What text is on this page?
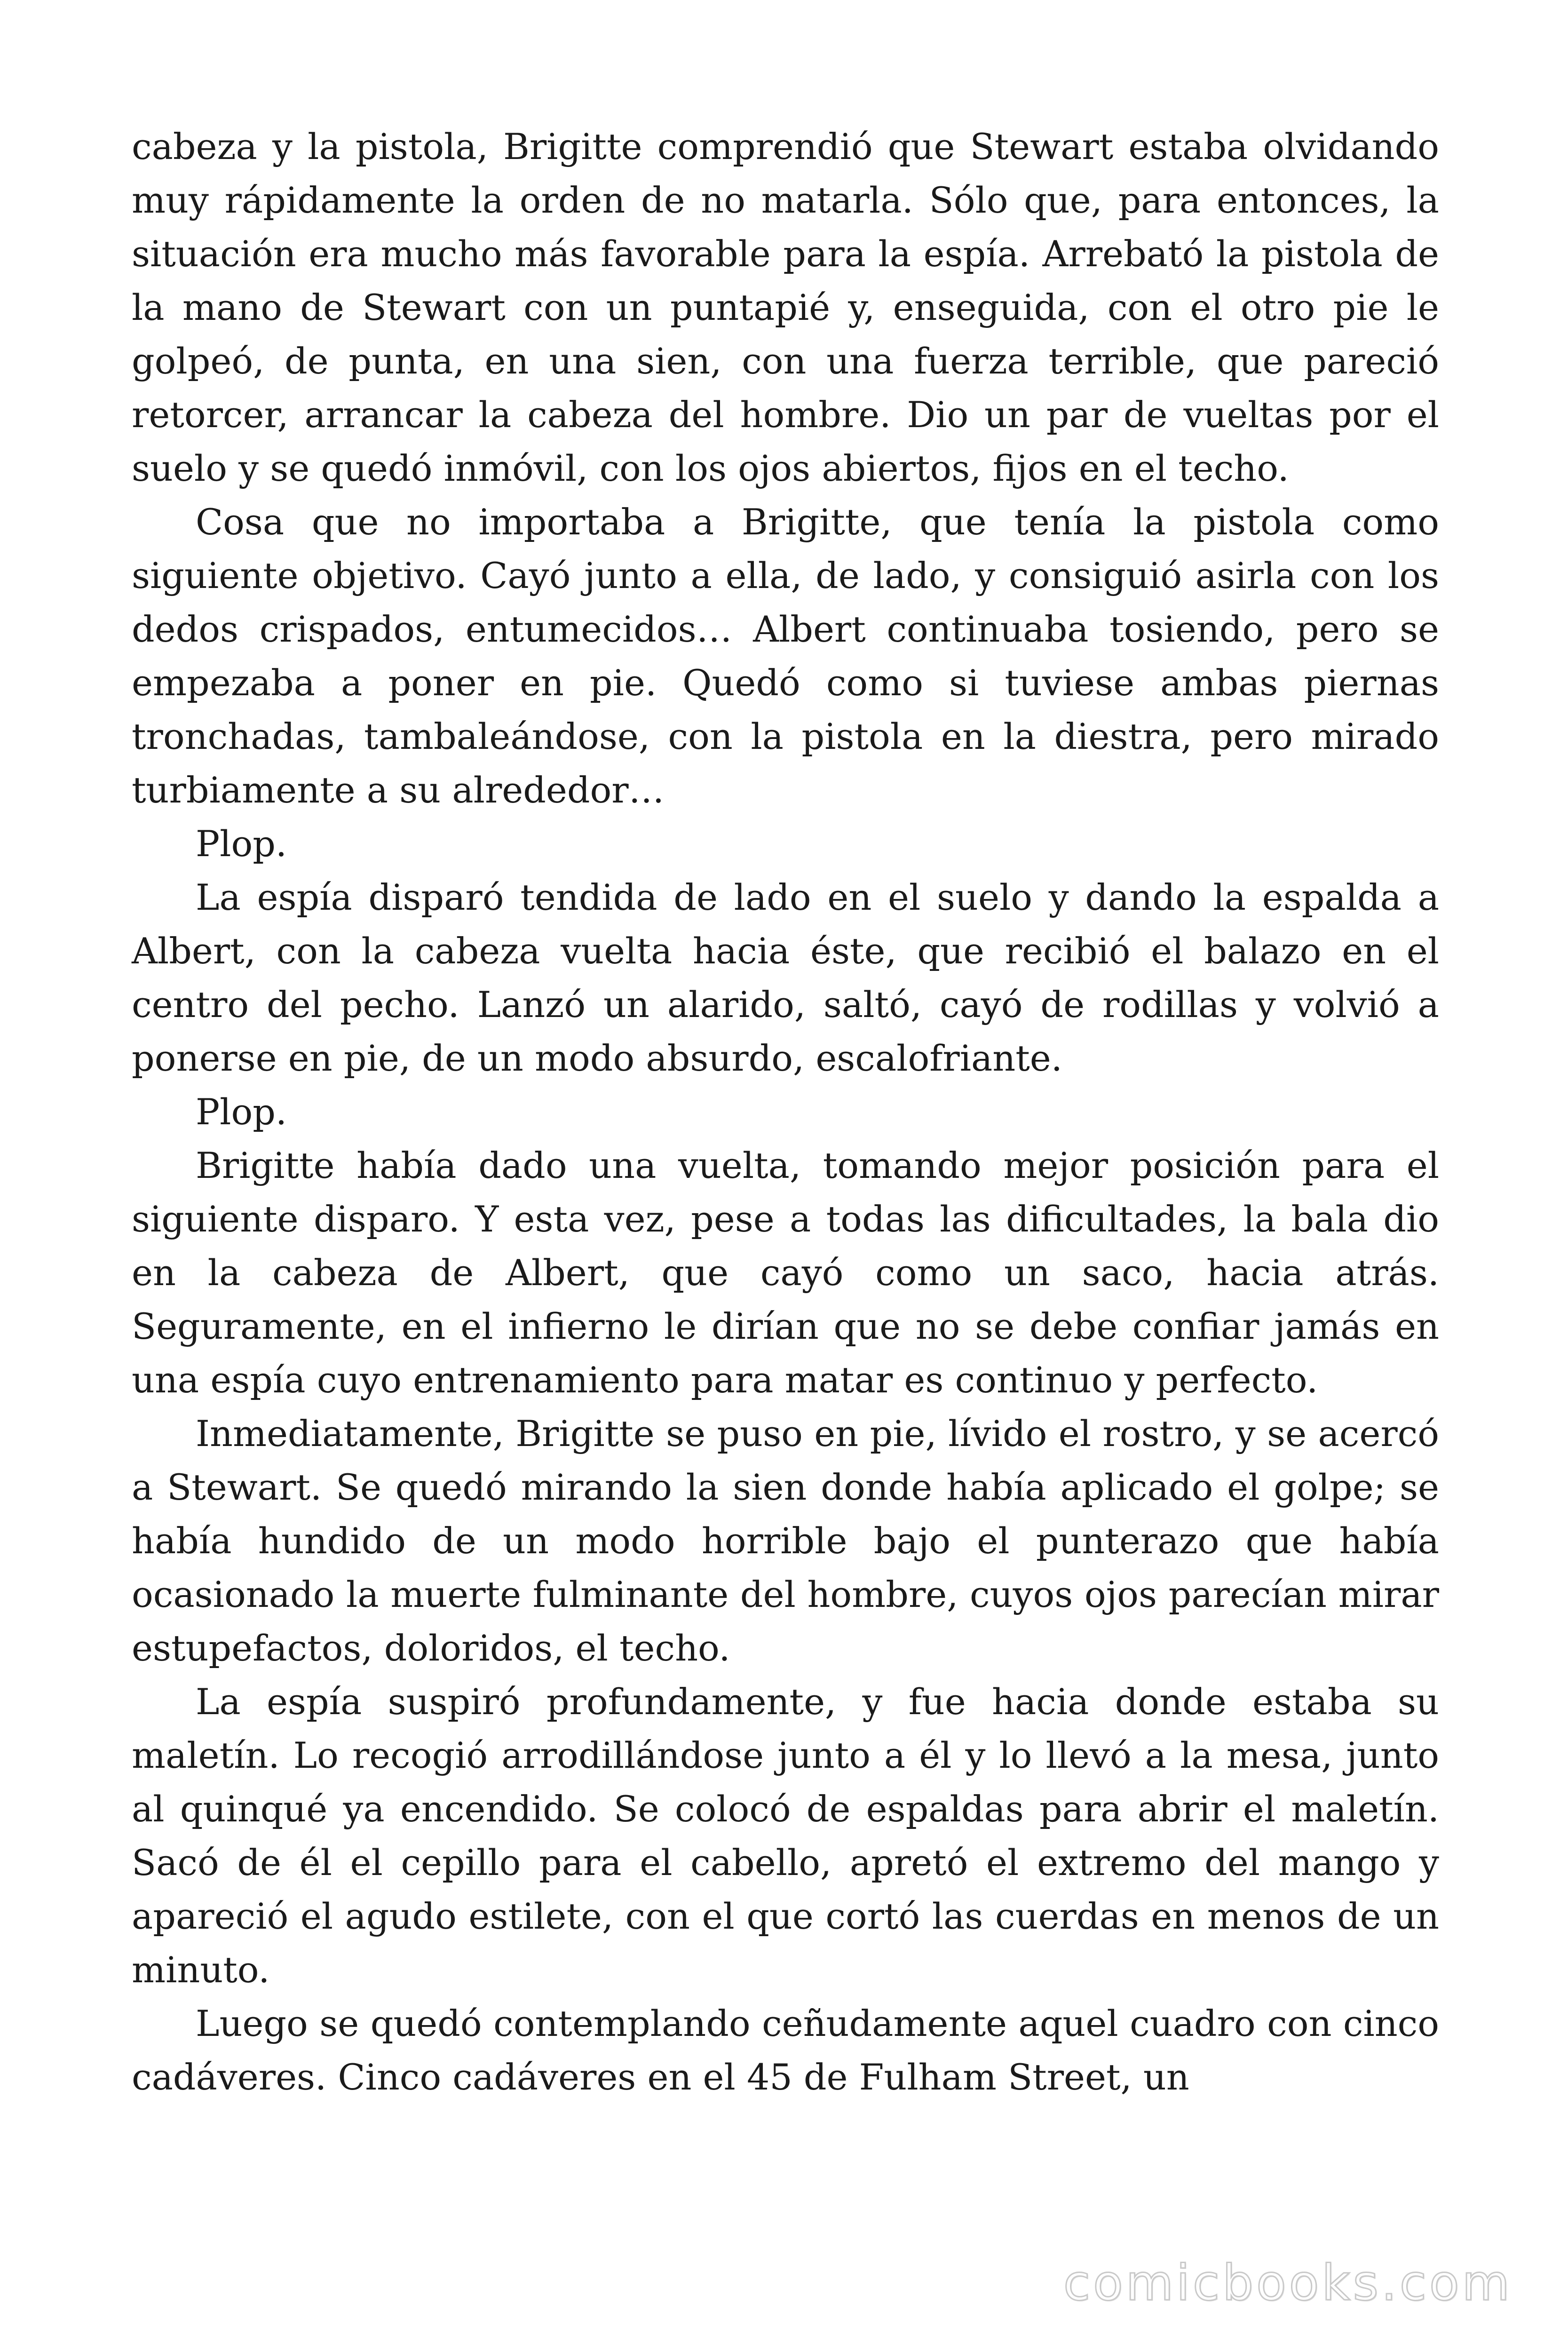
cabeza y la pistola, Brigitte comprendió que Stewart estaba olvidando muy rápidamente la orden de no matarla. Sólo que, para entonces, la situación era mucho más favorable para la espía. Arrebató la pistola de la mano de Stewart con un puntapié y, enseguida, con el otro pie le golpeó, de punta, en una sien, con una fuerza terrible, que pareció retorcer, arrancar la cabeza del hombre. Dio un par de vueltas por el suelo y se quedó inmóvil, con los ojos abiertos, fijos en el techo.

Cosa que no importaba a Brigitte, que tenía la pistola como siguiente objetivo. Cayó junto a ella, de lado, y consiguió asirla con los dedos crispados, entumecidos… Albert continuaba tosiendo, pero se empezaba a poner en pie. Quedó como si tuviese ambas piernas tronchadas, tambaleándose, con la pistola en la diestra, pero mirado turbiamente a su alrededor…

Plop.

La espía disparó tendida de lado en el suelo y dando la espalda a Albert, con la cabeza vuelta hacia éste, que recibió el balazo en el centro del pecho. Lanzó un alarido, saltó, cayó de rodillas y volvió a ponerse en pie, de un modo absurdo, escalofriante.

Plop.

Brigitte había dado una vuelta, tomando mejor posición para el siguiente disparo. Y esta vez, pese a todas las dificultades, la bala dio en la cabeza de Albert, que cayó como un saco, hacia atrás. Seguramente, en el infierno le dirían que no se debe confiar jamás en una espía cuyo entrenamiento para matar es continuo y perfecto.

Inmediatamente, Brigitte se puso en pie, lívido el rostro, y se acercó a Stewart. Se quedó mirando la sien donde había aplicado el golpe; se había hundido de un modo horrible bajo el punterazo que había ocasionado la muerte fulminante del hombre, cuyos ojos parecían mirar estupefactos, doloridos, el techo.

La espía suspiró profundamente, y fue hacia donde estaba su maletín. Lo recogió arrodillándose junto a él y lo llevó a la mesa, junto al quinqué ya encendido. Se colocó de espaldas para abrir el maletín. Sacó de él el cepillo para el cabello, apretó el extremo del mango y apareció el agudo estilete, con el que cortó las cuerdas en menos de un minuto.

Luego se quedó contemplando ceñudamente aquel cuadro con cinco cadáveres. Cinco cadáveres en el 45 de Fulham Street, un

comicbooks.com
